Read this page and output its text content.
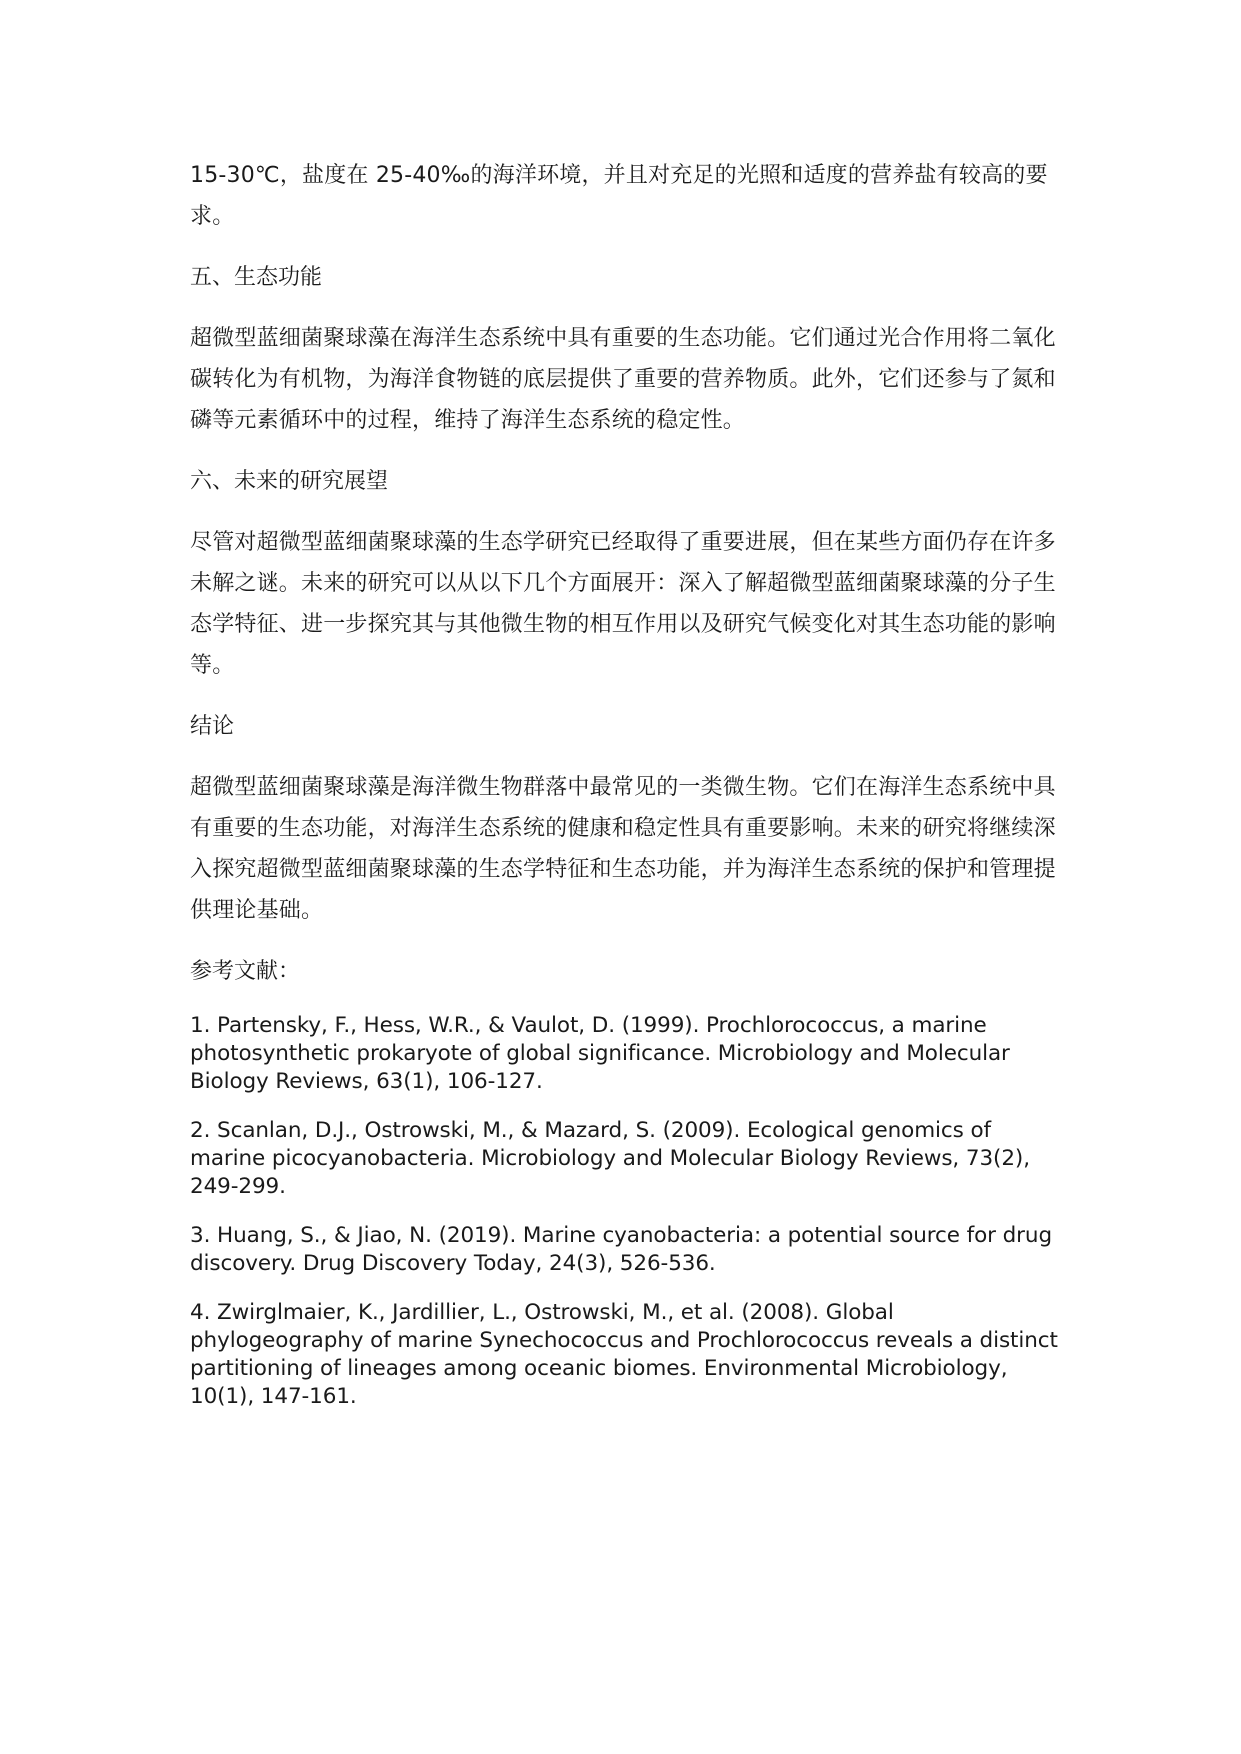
15-30℃，盐度在 25-40‰的海洋环境，并且对充足的光照和适度的营养盐有较高的要求。

五、生态功能

超微型蓝细菌聚球藻在海洋生态系统中具有重要的生态功能。它们通过光合作用将二氧化碳转化为有机物，为海洋食物链的底层提供了重要的营养物质。此外，它们还参与了氮和磷等元素循环中的过程，维持了海洋生态系统的稳定性。

六、未来的研究展望

尽管对超微型蓝细菌聚球藻的生态学研究已经取得了重要进展，但在某些方面仍存在许多未解之谜。未来的研究可以从以下几个方面展开：深入了解超微型蓝细菌聚球藻的分子生态学特征、进一步探究其与其他微生物的相互作用以及研究气候变化对其生态功能的影响等。

结论

超微型蓝细菌聚球藻是海洋微生物群落中最常见的一类微生物。它们在海洋生态系统中具有重要的生态功能，对海洋生态系统的健康和稳定性具有重要影响。未来的研究将继续深入探究超微型蓝细菌聚球藻的生态学特征和生态功能，并为海洋生态系统的保护和管理提供理论基础。

参考文献：

1. Partensky, F., Hess, W.R., & Vaulot, D. (1999). Prochlorococcus, a marine photosynthetic prokaryote of global significance. Microbiology and Molecular Biology Reviews, 63(1), 106-127.

2. Scanlan, D.J., Ostrowski, M., & Mazard, S. (2009). Ecological genomics of marine picocyanobacteria. Microbiology and Molecular Biology Reviews, 73(2), 249-299.

3. Huang, S., & Jiao, N. (2019). Marine cyanobacteria: a potential source for drug discovery. Drug Discovery Today, 24(3), 526-536.

4. Zwirglmaier, K., Jardillier, L., Ostrowski, M., et al. (2008). Global phylogeography of marine Synechococcus and Prochlorococcus reveals a distinct partitioning of lineages among oceanic biomes. Environmental Microbiology, 10(1), 147-161.
